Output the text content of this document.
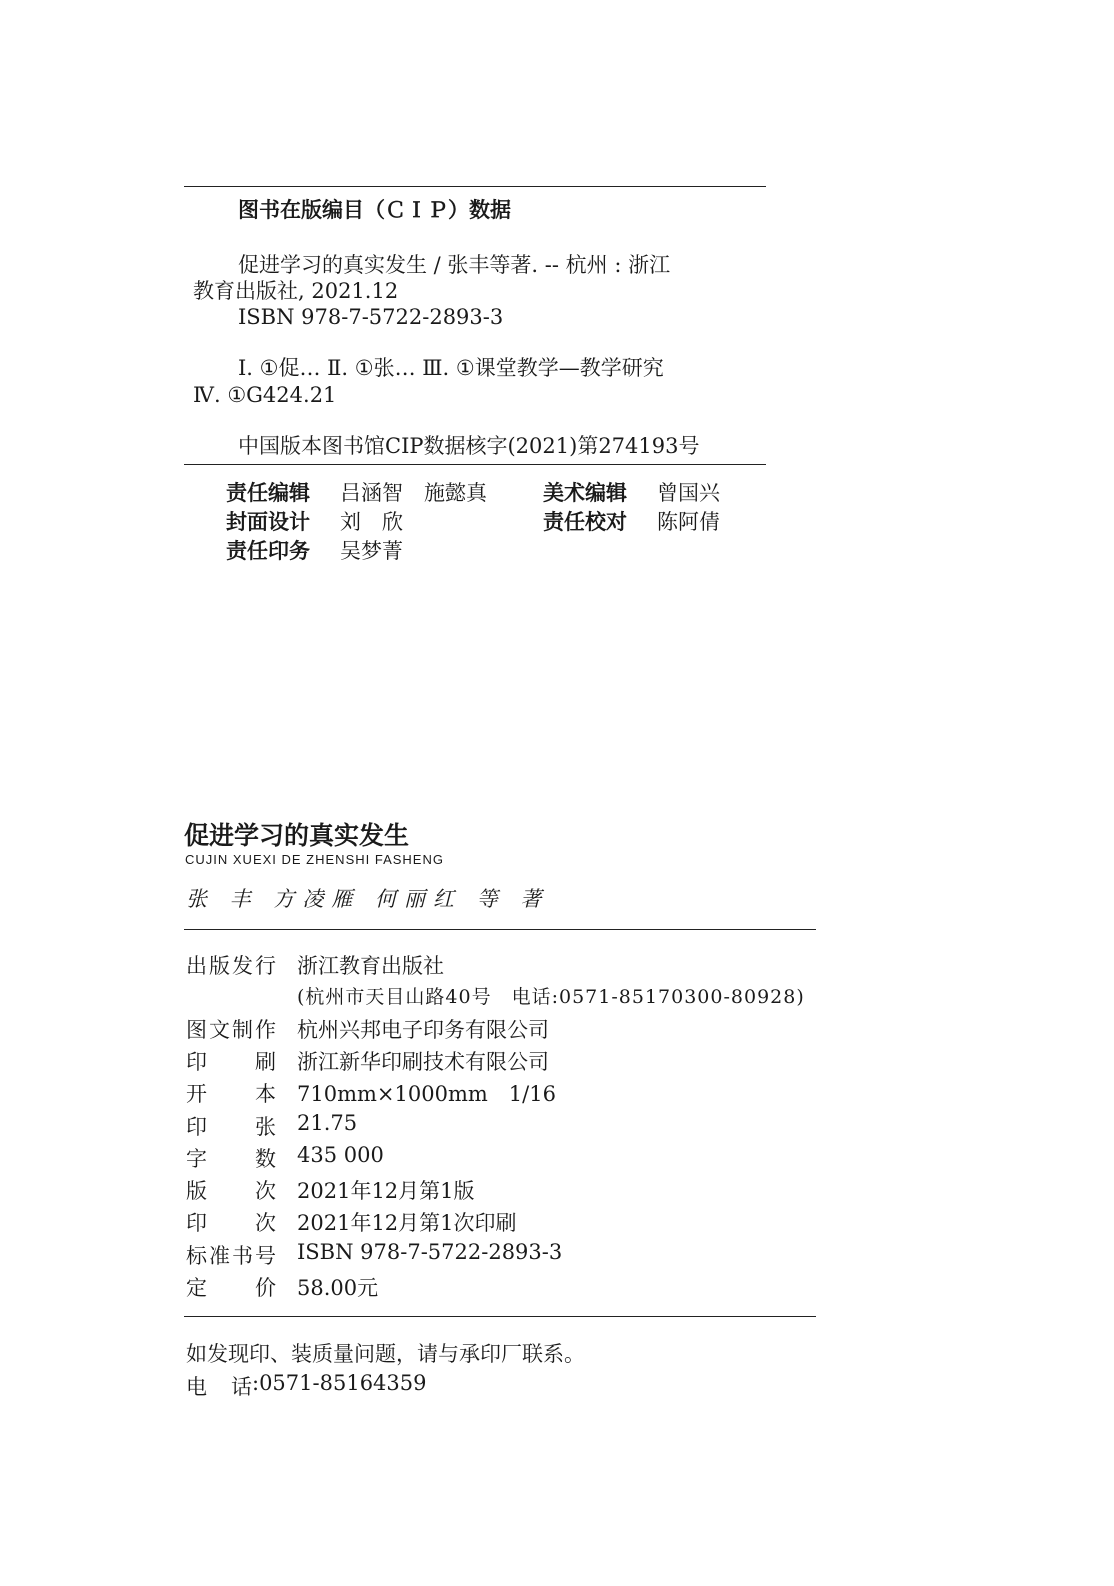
图书在版编目（ＣＩＰ）数据
促进学习的真实发生 / 张丰等著. -- 杭州 : 浙江
教育出版社, 2021.12
ISBN 978-7-5722-2893-3
Ⅰ. ①促… Ⅱ. ①张… Ⅲ. ①课堂教学—教学研究
Ⅳ. ①G424.21
中国版本图书馆CIP数据核字(2021)第274193号
责任编辑 吕涵智　施懿真	美术编辑 曾国兴
封面设计 刘　欣	责任校对 陈阿倩
责任印务 吴梦菁
促进学习的真实发生
CUJIN XUEXI DE ZHENSHI FASHENG
张 丰 方凌雁 何丽红 等 著
出 版 发 行 浙江教育出版社
(杭州市天目山路40号　电话:0571-85170300-80928)
图 文 制 作 杭州兴邦电子印务有限公司
印 刷 浙江新华印刷技术有限公司
开 本 710mm×1000mm　1/16
印 张 21.75
字 数 435 000
版 次 2021年12月第1版
印 次 2021年12月第1次印刷
标 准 书 号 ISBN 978-7-5722-2893-3
定 价 58.00元
如发现印、装质量问题，请与承印厂联系。
电 话 :0571-85164359
